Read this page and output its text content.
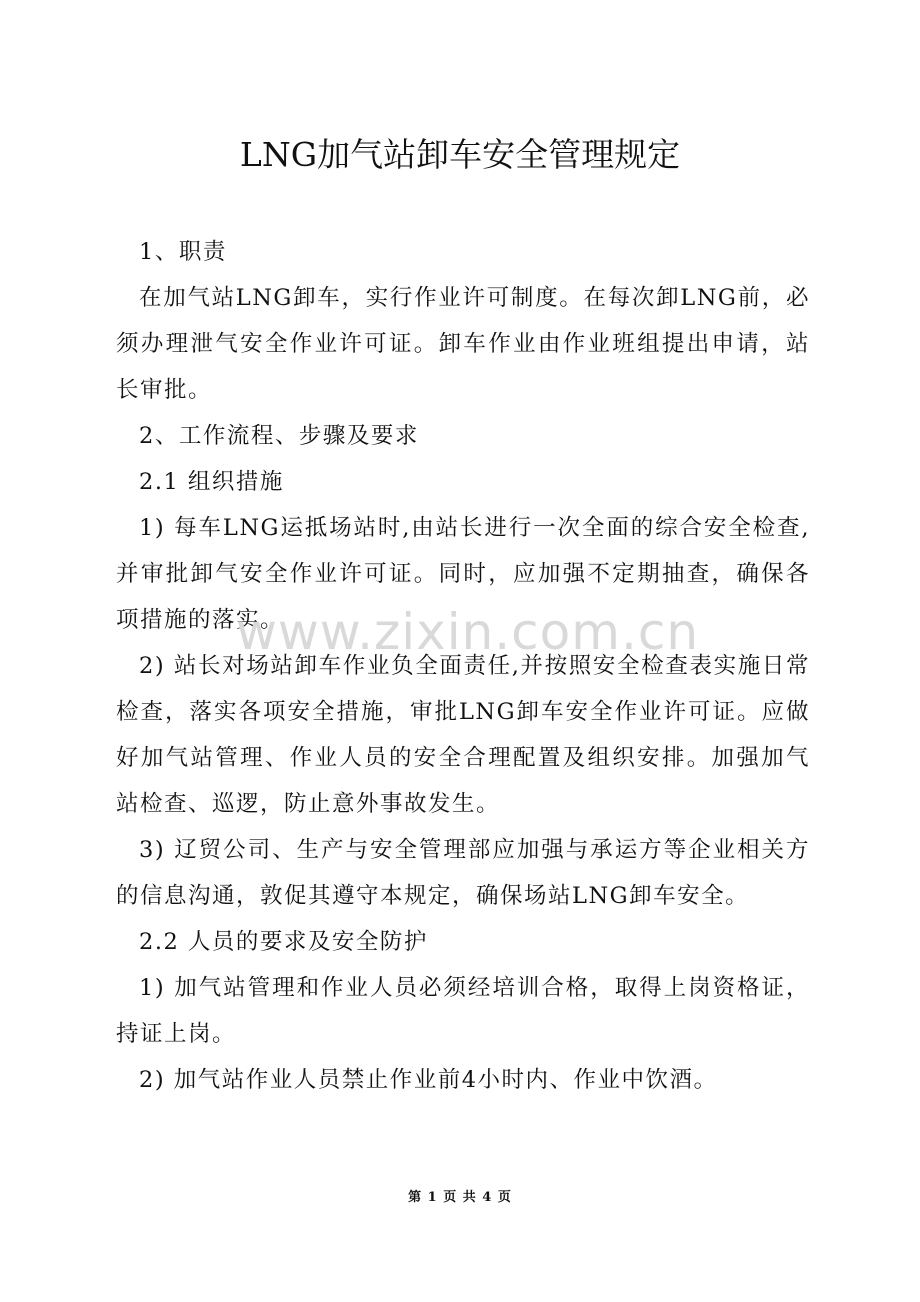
LNG加气站卸车安全管理规定

1、职责

在加气站LNG卸车，实行作业许可制度。在每次卸LNG前，必须办理泄气安全作业许可证。卸车作业由作业班组提出申请，站长审批。

2、工作流程、步骤及要求

2.1 组织措施

1) 每车LNG运抵场站时,由站长进行一次全面的综合安全检查,并审批卸气安全作业许可证。同时，应加强不定期抽查，确保各项措施的落实。

2) 站长对场站卸车作业负全面责任,并按照安全检查表实施日常检查，落实各项安全措施，审批LNG卸车安全作业许可证。应做好加气站管理、作业人员的安全合理配置及组织安排。加强加气站检查、巡逻，防止意外事故发生。

3) 辽贸公司、生产与安全管理部应加强与承运方等企业相关方的信息沟通，敦促其遵守本规定，确保场站LNG卸车安全。

2.2 人员的要求及安全防护

1) 加气站管理和作业人员必须经培训合格，取得上岗资格证，持证上岗。

2) 加气站作业人员禁止作业前4小时内、作业中饮酒。

www.zixin.com.cn
第 1 页 共 4 页
